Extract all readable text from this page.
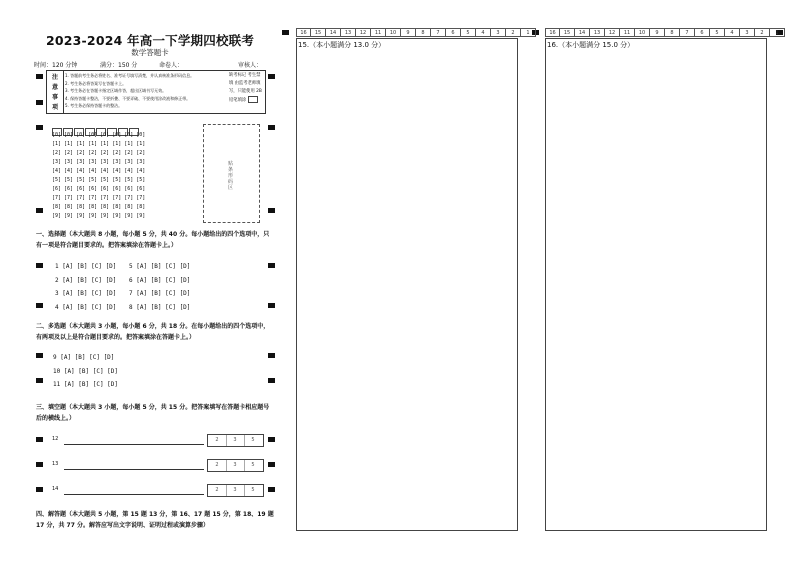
2023-2024 年高一下学期四校联考
数学答题卡
时间：120 分钟	满分：150 分	命卷人：	审核人：
注
意
事
项
1. 答题前考生务必将姓名、准考证号填写清楚，并认真核准条形码信息。
2. 考生务必将答案写在答题卡上。
3. 考生务必在答题卡指定区域作答，超出区域书写无效。
4. 保持答题卡整洁，不要折叠、不要弄破、不要使用涂改液和修正带。
5. 考生务必保持答题卡的整洁。
缺考标记 考生禁填 由监考老师填写，只能使用 2B 铅笔填涂
[0] [0] [0] [0] [0] [0] [0] [0]
[1] [1] [1] [1] [1] [1] [1] [1]
[2] [2] [2] [2] [2] [2] [2] [2]
[3] [3] [3] [3] [3] [3] [3] [3]
[4] [4] [4] [4] [4] [4] [4] [4]
[5] [5] [5] [5] [5] [5] [5] [5]
[6] [6] [6] [6] [6] [6] [6] [6]
[7] [7] [7] [7] [7] [7] [7] [7]
[8] [8] [8] [8] [8] [8] [8] [8]
[9] [9] [9] [9] [9] [9] [9] [9]
贴条形码区
一、选择题（本大题共 8 小题，每小题 5 分，共 40 分。每小题给出的四个选项中，只有一项是符合题目要求的。把答案填涂在答题卡上。）
1 [A] [B] [C] [D]
2 [A] [B] [C] [D]
3 [A] [B] [C] [D]
4 [A] [B] [C] [D]
5 [A] [B] [C] [D]
6 [A] [B] [C] [D]
7 [A] [B] [C] [D]
8 [A] [B] [C] [D]
二、多选题（本大题共 3 小题，每小题 6 分，共 18 分。在每小题给出的四个选项中，有两项及以上是符合题目要求的。把答案填涂在答题卡上。）
9 [A] [B] [C] [D]
10 [A] [B] [C] [D]
11 [A] [B] [C] [D]
三、填空题（本大题共 3 小题，每小题 5 分，共 15 分。把答案填写在答题卡相应题号后的横线上。）
12	2	3	5
13	2	3	5
14	2	3	5
四、解答题（本大题共 5 小题，第 15 题 13 分，第 16、17 题 15 分，第 18、19 题 17 分，共 77 分。解答应写出文字说明、证明过程或演算步骤）
16	15	14	13	12	11	10	9	8	7	6	5	4	3	2	1
15.（本小题满分 13.0 分）
16	15	14	13	12	11	10	9	8	7	6	5	4	3	2	1
16.（本小题满分 15.0 分）
